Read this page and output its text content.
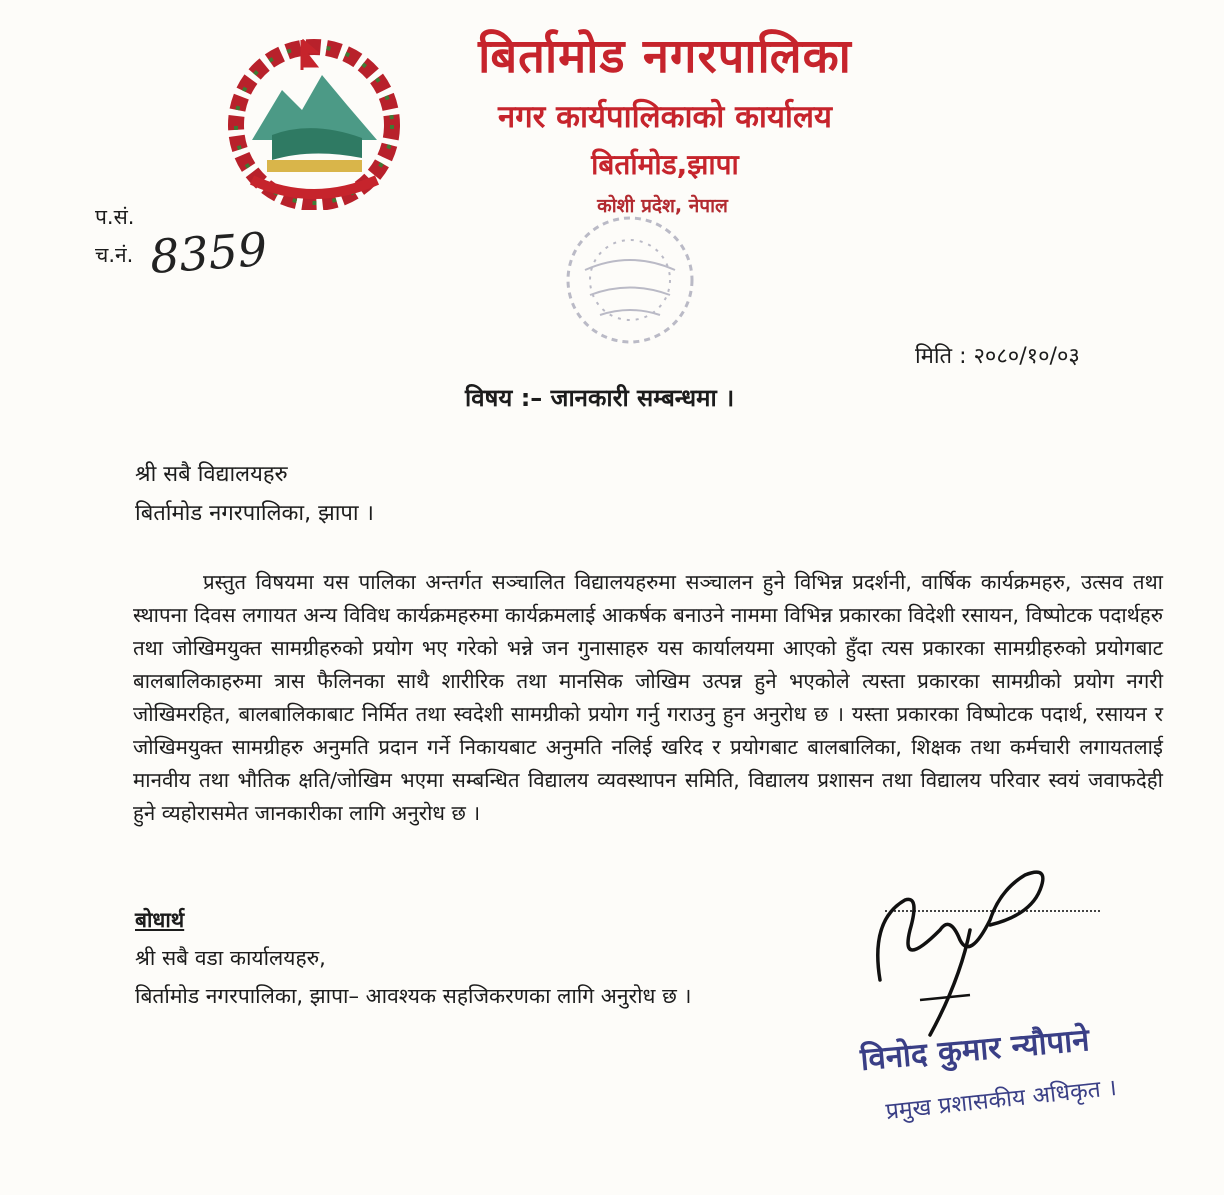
बिर्तामोड नगरपालिका
नगर कार्यपालिकाको कार्यालय
बिर्तामोड,झापा
कोशी प्रदेश, नेपाल
प.सं.
च.नं. 8359
मिति : २०८०/१०/०३
विषय :– जानकारी सम्बन्धमा ।
श्री सबै विद्यालयहरु
बिर्तामोड नगरपालिका, झापा ।
प्रस्तुत विषयमा यस पालिका अन्तर्गत सञ्चालित विद्यालयहरुमा सञ्चालन हुने विभिन्न प्रदर्शनी, वार्षिक कार्यक्रमहरु, उत्सव तथा स्थापना दिवस लगायत अन्य विविध कार्यक्रमहरुमा कार्यक्रमलाई आकर्षक बनाउने नाममा विभिन्न प्रकारका विदेशी रसायन, विष्पोटक पदार्थहरु तथा जोखिमयुक्त सामग्रीहरुको प्रयोग भए गरेको भन्ने जन गुनासाहरु यस कार्यालयमा आएको हुँदा त्यस प्रकारका सामग्रीहरुको प्रयोगबाट बालबालिकाहरुमा त्रास फैलिनका साथै शारीरिक तथा मानसिक जोखिम उत्पन्न हुने भएकोले त्यस्ता प्रकारका सामग्रीको प्रयोग नगरी जोखिमरहित, बालबालिकाबाट निर्मित तथा स्वदेशी सामग्रीको प्रयोग गर्नु गराउनु हुन अनुरोध छ । यस्ता प्रकारका विष्पोटक पदार्थ, रसायन र जोखिमयुक्त सामग्रीहरु अनुमति प्रदान गर्ने निकायबाट अनुमति नलिई खरिद र प्रयोगबाट बालबालिका, शिक्षक तथा कर्मचारी लगायतलाई मानवीय तथा भौतिक क्षति/जोखिम भएमा सम्बन्धित विद्यालय व्यवस्थापन समिति, विद्यालय प्रशासन तथा विद्यालय परिवार स्वयं जवाफदेही हुने व्यहोरासमेत जानकारीका लागि अनुरोध छ ।
बोधार्थ
श्री सबै वडा कार्यालयहरु,
बिर्तामोड नगरपालिका, झापा– आवश्यक सहजिकरणका लागि अनुरोध छ ।
विनोद कुमार न्यौपाने
प्रमुख प्रशासकीय अधिकृत ।
